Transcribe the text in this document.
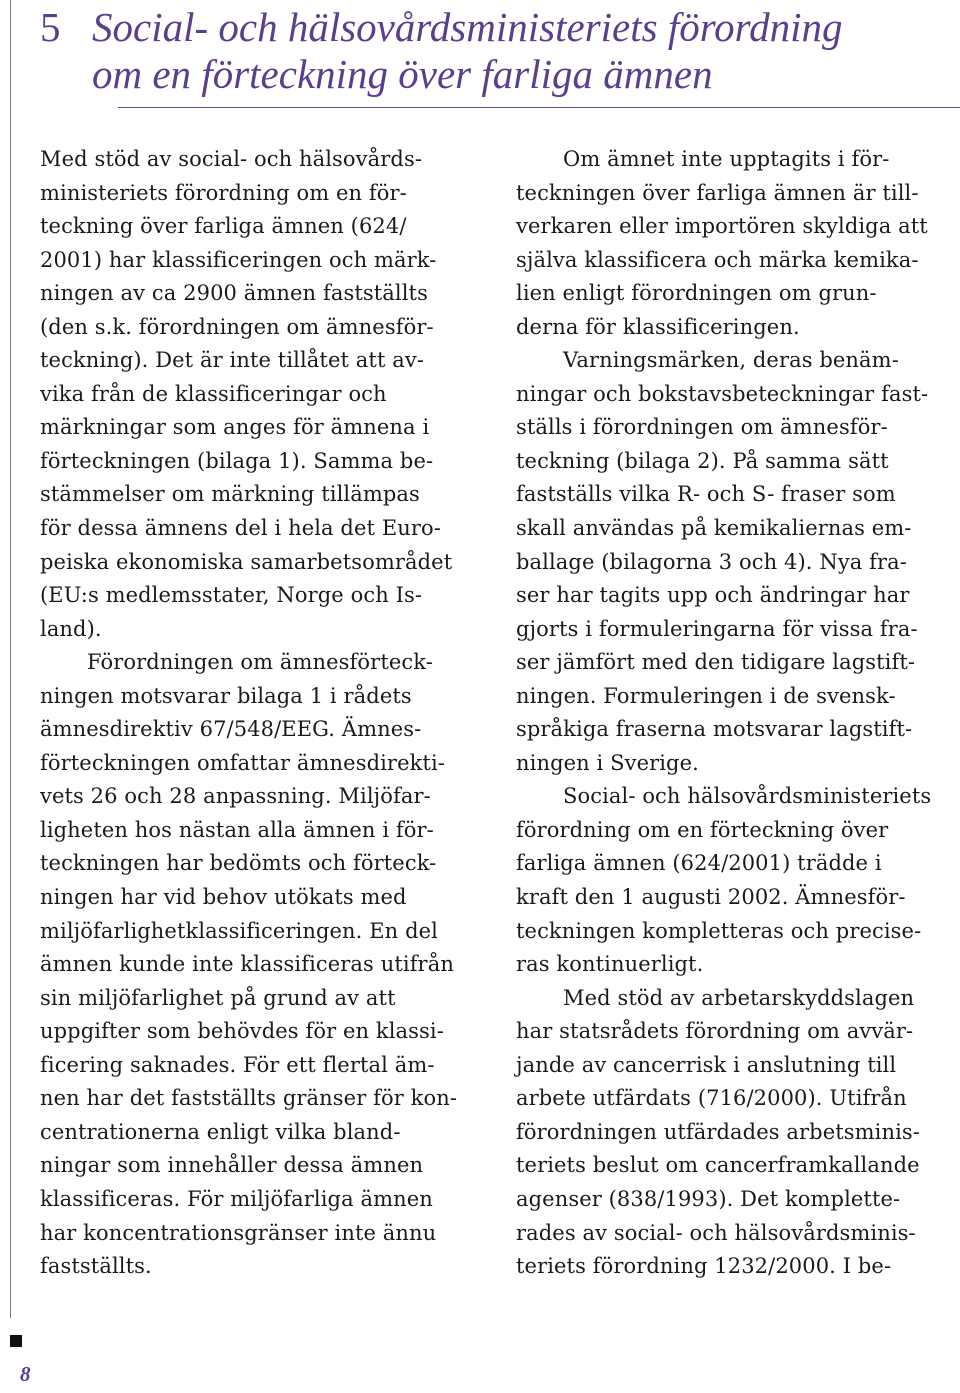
5 Social- och hälsovårdsministeriets förordning
om en förteckning över farliga ämnen
Med stöd av social- och hälsovårds-
ministeriets förordning om en för-
teckning över farliga ämnen (624/
2001) har klassificeringen och märk-
ningen av ca 2900 ämnen fastställts
(den s.k. förordningen om ämnesför-
teckning). Det är inte tillåtet att av-
vika från de klassificeringar och
märkningar som anges för ämnena i
förteckningen (bilaga 1). Samma be-
stämmelser om märkning tillämpas
för dessa ämnens del i hela det Euro-
peiska ekonomiska samarbetsområdet
(EU:s medlemsstater, Norge och Is-
land).
Förordningen om ämnesförteck-
ningen motsvarar bilaga 1 i rådets
ämnesdirektiv 67/548/EEG. Ämnes-
förteckningen omfattar ämnesdirekti-
vets 26 och 28 anpassning. Miljöfar-
ligheten hos nästan alla ämnen i för-
teckningen har bedömts och förteck-
ningen har vid behov utökats med
miljöfarlighetklassificeringen. En del
ämnen kunde inte klassificeras utifrån
sin miljöfarlighet på grund av att
uppgifter som behövdes för en klassi-
ficering saknades. För ett flertal äm-
nen har det fastställts gränser för kon-
centrationerna enligt vilka bland-
ningar som innehåller dessa ämnen
klassificeras. För miljöfarliga ämnen
har koncentrationsgränser inte ännu
fastställts.
Om ämnet inte upptagits i för-
teckningen över farliga ämnen är till-
verkaren eller importören skyldiga att
själva klassificera och märka kemika-
lien enligt förordningen om grun-
derna för klassificeringen.
Varningsmärken, deras benäm-
ningar och bokstavsbeteckningar fast-
ställs i förordningen om ämnesför-
teckning (bilaga 2). På samma sätt
fastställs vilka R- och S- fraser som
skall användas på kemikaliernas em-
ballage (bilagorna 3 och 4). Nya fra-
ser har tagits upp och ändringar har
gjorts i formuleringarna för vissa fra-
ser jämfört med den tidigare lagstift-
ningen. Formuleringen i de svensk-
språkiga fraserna motsvarar lagstift-
ningen i Sverige.
Social- och hälsovårdsministeriets
förordning om en förteckning över
farliga ämnen (624/2001) trädde i
kraft den 1 augusti 2002. Ämnesför-
teckningen kompletteras och precise-
ras kontinuerligt.
Med stöd av arbetarskyddslagen
har statsrådets förordning om avvär-
jande av cancerrisk i anslutning till
arbete utfärdats (716/2000). Utifrån
förordningen utfärdades arbetsminis-
teriets beslut om cancerframkallande
agenser (838/1993). Det komplette-
rades av social- och hälsovårdsminis-
teriets förordning 1232/2000. I be-
8
